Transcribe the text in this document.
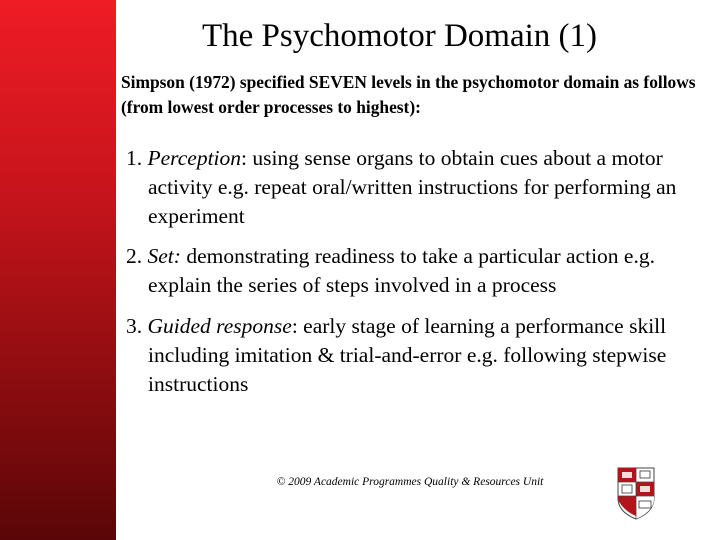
The Psychomotor Domain (1)

Simpson (1972) specified SEVEN levels in the psychomotor domain as follows (from lowest order processes to highest):

1. Perception: using sense organs to obtain cues about a motor activity e.g. repeat oral/written instructions for performing an experiment

2. Set: demonstrating readiness to take a particular action e.g. explain the series of steps involved in a process

3. Guided response: early stage of learning a performance skill including imitation & trial-and-error e.g. following stepwise instructions

© 2009 Academic Programmes Quality & Resources Unit
